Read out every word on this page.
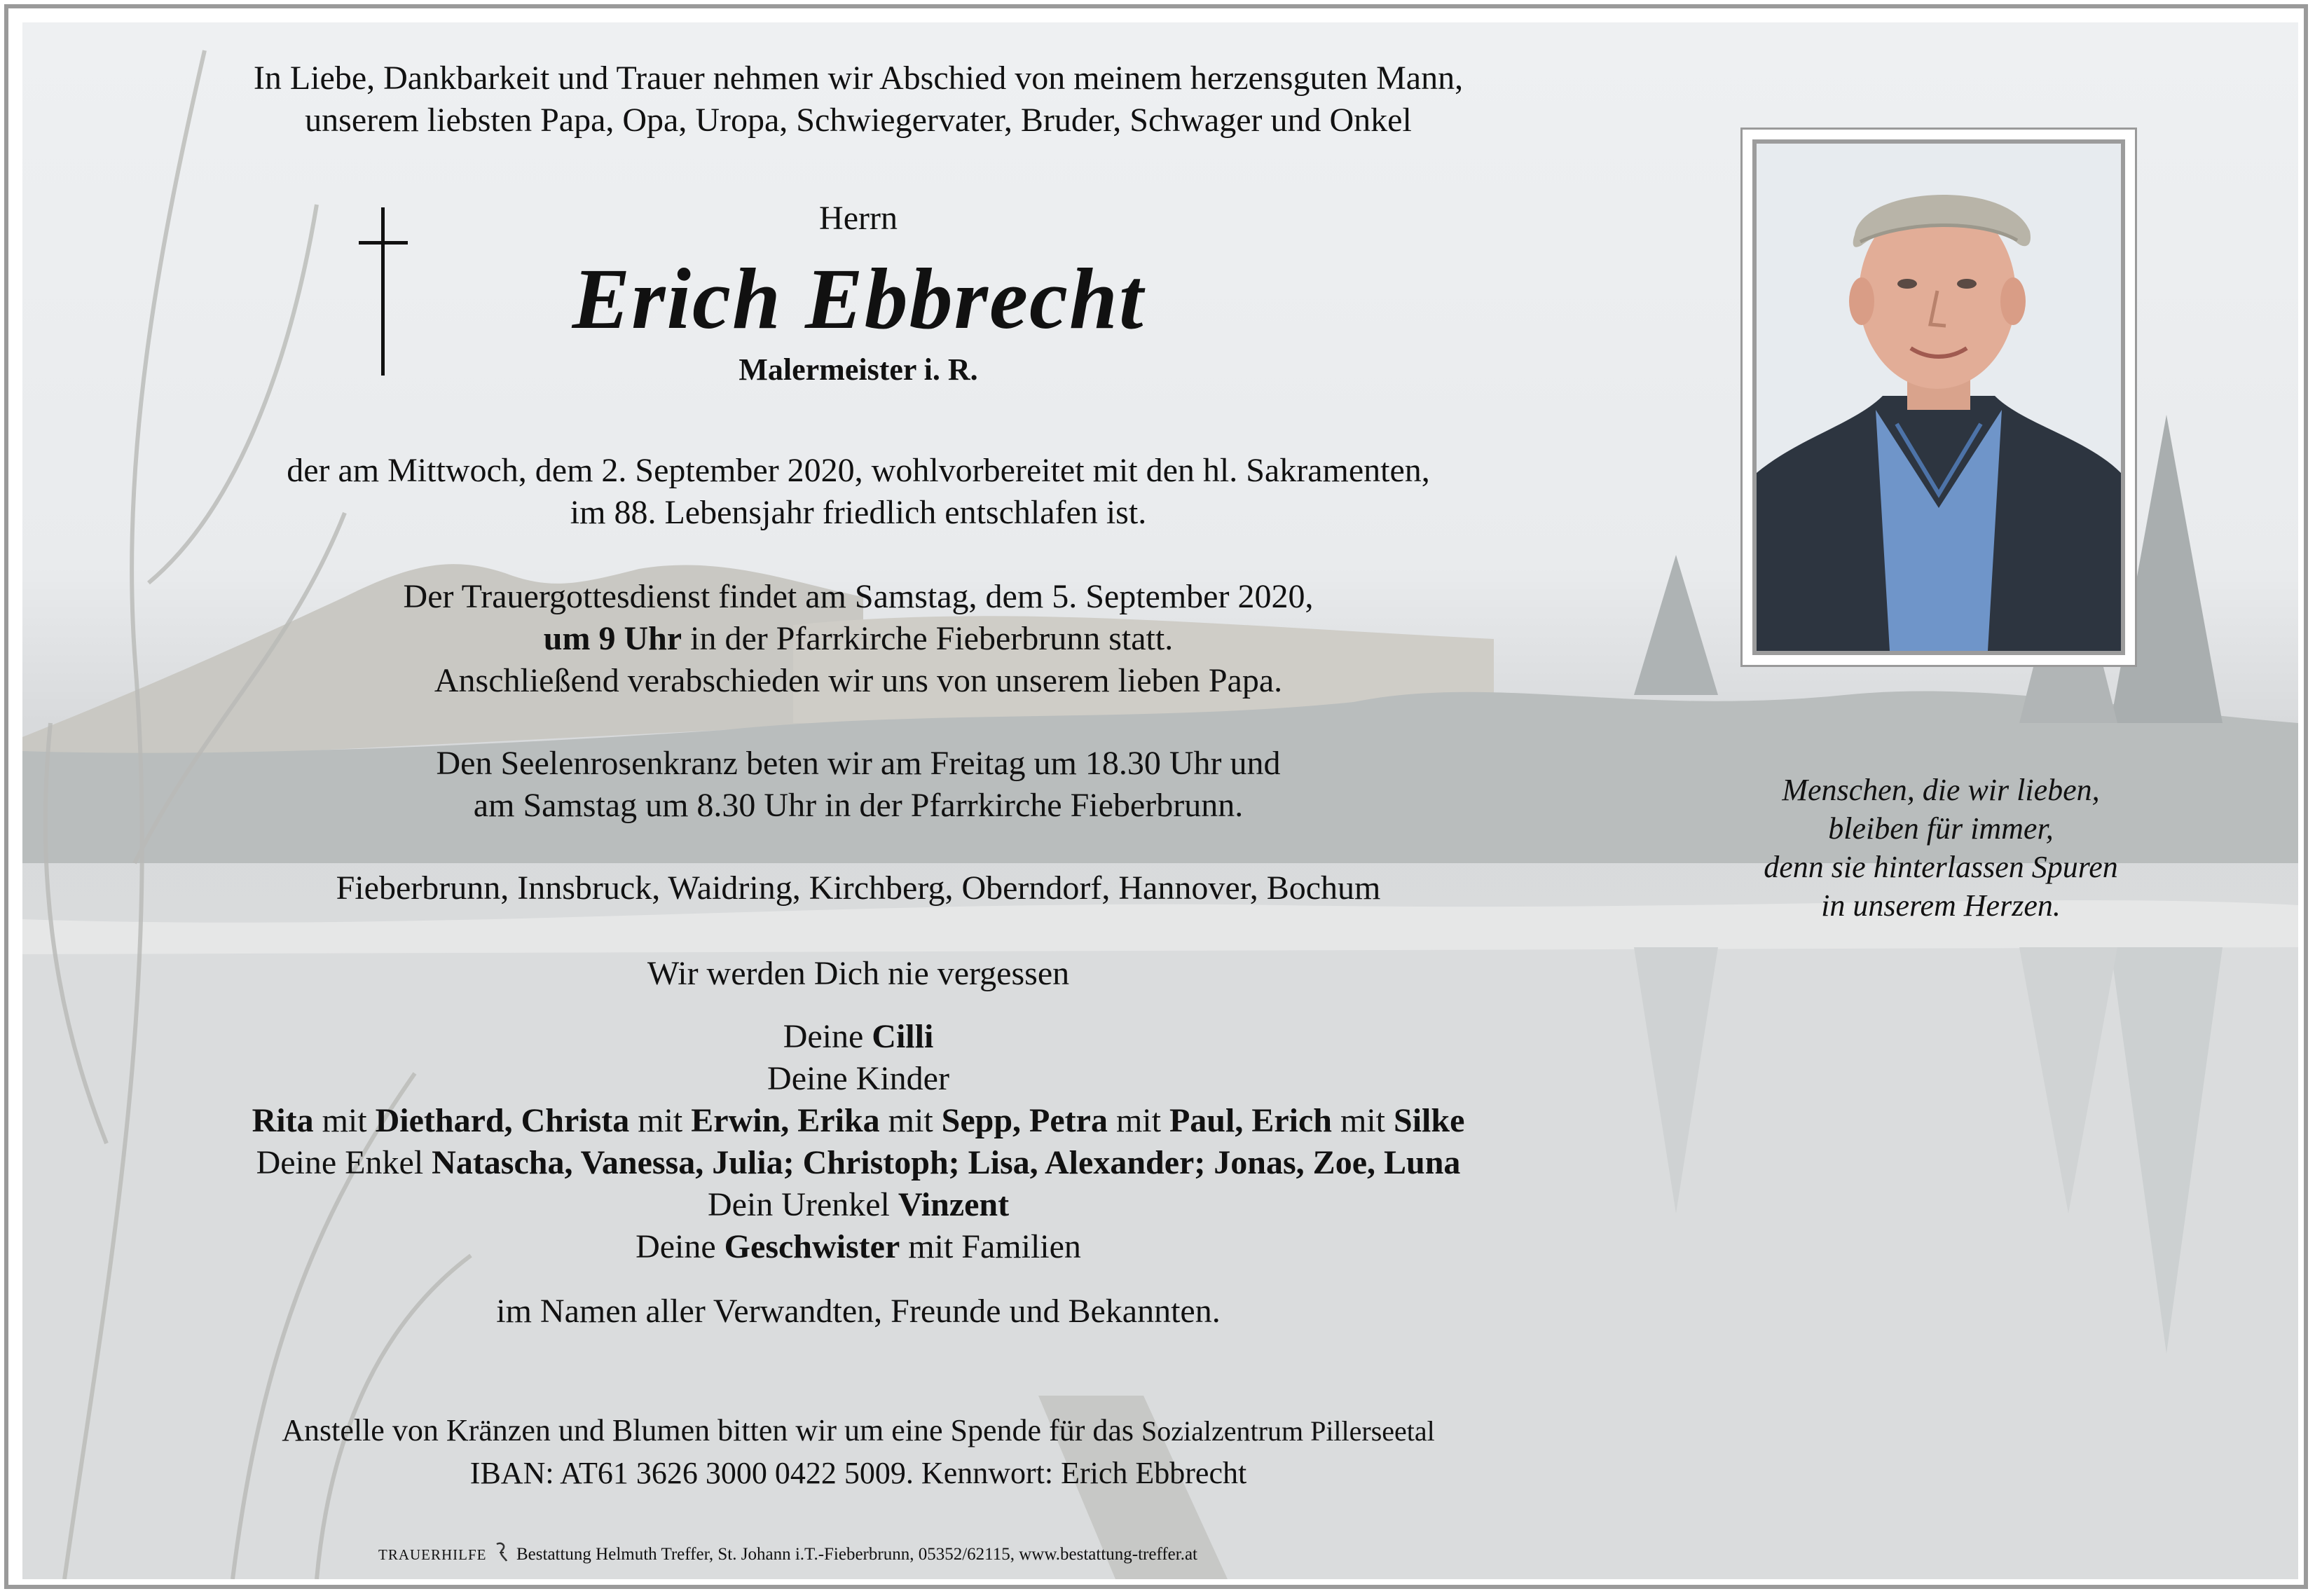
In Liebe, Dankbarkeit und Trauer nehmen wir Abschied von meinem herzensguten Mann,
unserem liebsten Papa, Opa, Uropa, Schwiegervater, Bruder, Schwager und Onkel
Herrn
Erich Ebbrecht
Malermeister i. R.
der am Mittwoch, dem 2. September 2020, wohlvorbereitet mit den hl. Sakramenten,
im 88. Lebensjahr friedlich entschlafen ist.
Der Trauergottesdienst findet am Samstag, dem 5. September 2020,
um 9 Uhr in der Pfarrkirche Fieberbrunn statt.
Anschließend verabschieden wir uns von unserem lieben Papa.
Den Seelenrosenkranz beten wir am Freitag um 18.30 Uhr und
am Samstag um 8.30 Uhr in der Pfarrkirche Fieberbrunn.
Fieberbrunn, Innsbruck, Waidring, Kirchberg, Oberndorf, Hannover, Bochum
Wir werden Dich nie vergessen
Deine Cilli
Deine Kinder
Rita mit Diethard, Christa mit Erwin, Erika mit Sepp, Petra mit Paul, Erich mit Silke
Deine Enkel Natascha, Vanessa, Julia; Christoph; Lisa, Alexander; Jonas, Zoe, Luna
Dein Urenkel Vinzent
Deine Geschwister mit Familien
im Namen aller Verwandten, Freunde und Bekannten.
Anstelle von Kränzen und Blumen bitten wir um eine Spende für das Sozialzentrum Pillerseetal
IBAN: AT61 3626 3000 0422 5009. Kennwort: Erich Ebbrecht
Menschen, die wir lieben,
bleiben für immer,
denn sie hinterlassen Spuren
in unserem Herzen.
TRAUERHILFE Bestattung Helmuth Treffer, St. Johann i.T.-Fieberbrunn, 05352/62115, www.bestattung-treffer.at
